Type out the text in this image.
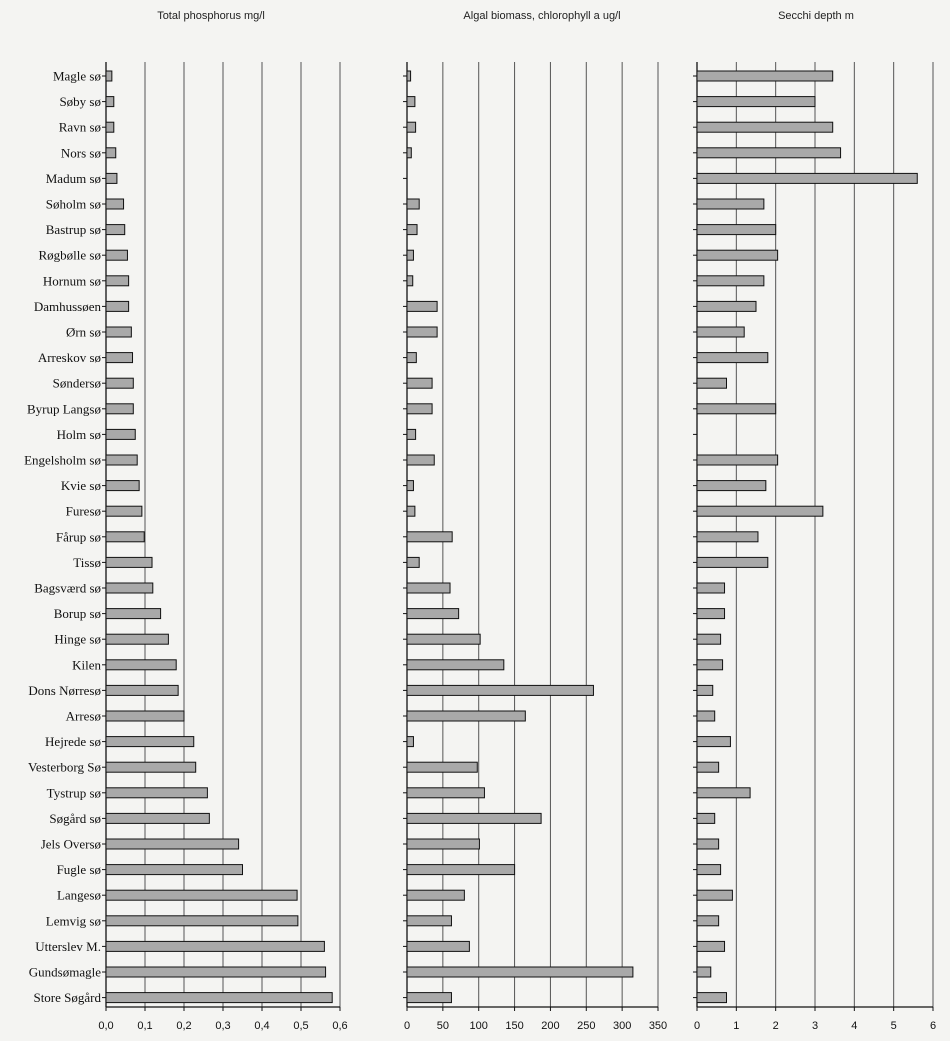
Total phosphorus mg/l
0,0 0,1 0,2 0,3 0,4 0,5 0,6
Algal biomass, chlorophyll a ug/l
0 50 100 150 200 250 300 350
Secchi depth m
0	1	2	3	4	5	6
Magle sø
Søby sø
Ravn sø
Nors sø
Madum sø
Søholm sø
Bastrup sø
Røgbølle sø
Hornum sø
Damhussøen
Ørn sø
Arreskov sø
Søndersø
Byrup Langsø
Holm sø
Engelsholm sø
Kvie sø
Furesø
Fårup sø
Tissø
Bagsværd sø
Borup sø
Hinge sø
Kilen
Dons Nørresø
Arresø
Hejrede sø
Vesterborg Sø
Tystrup sø
Søgård sø
Jels Oversø
Fugle sø
Langesø
Lemvig sø
Utterslev M.
Gundsømagle
Store Søgård
